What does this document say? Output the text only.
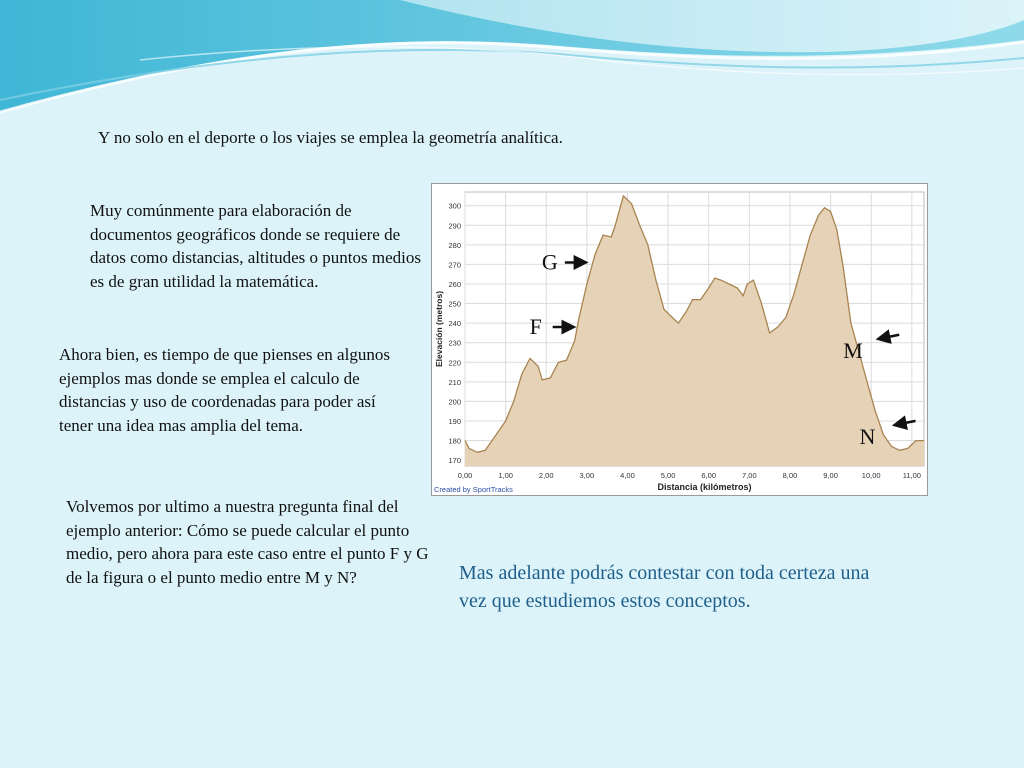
Y no solo en el deporte o los viajes se emplea la geometría analítica.

Muy comúnmente para elaboración de documentos geográficos donde se requiere de datos como distancias, altitudes o puntos medios es de gran utilidad la matemática.

Ahora bien, es tiempo de que pienses en algunos ejemplos mas donde se emplea el calculo de distancias y uso de coordenadas para poder así tener una idea mas amplia del tema.

Volvemos por ultimo a nuestra pregunta final del ejemplo anterior: Cómo se puede calcular el punto medio, pero ahora para este caso entre el punto F y G de la figura o el punto medio entre M y N?	Mas adelante podrás contestar con toda certeza una vez que estudiemos estos conceptos.

0,00	1,00	2,00	3,00	4,00	5,00	6,00	7,00	8,00	9,00	10,00	11,00
170
180
190
200
210
220
230
240
250
260
270
280
290
300
Distancia (kilómetros)
Elevación (metros)
Created by SportTracks
G
F
M
N
